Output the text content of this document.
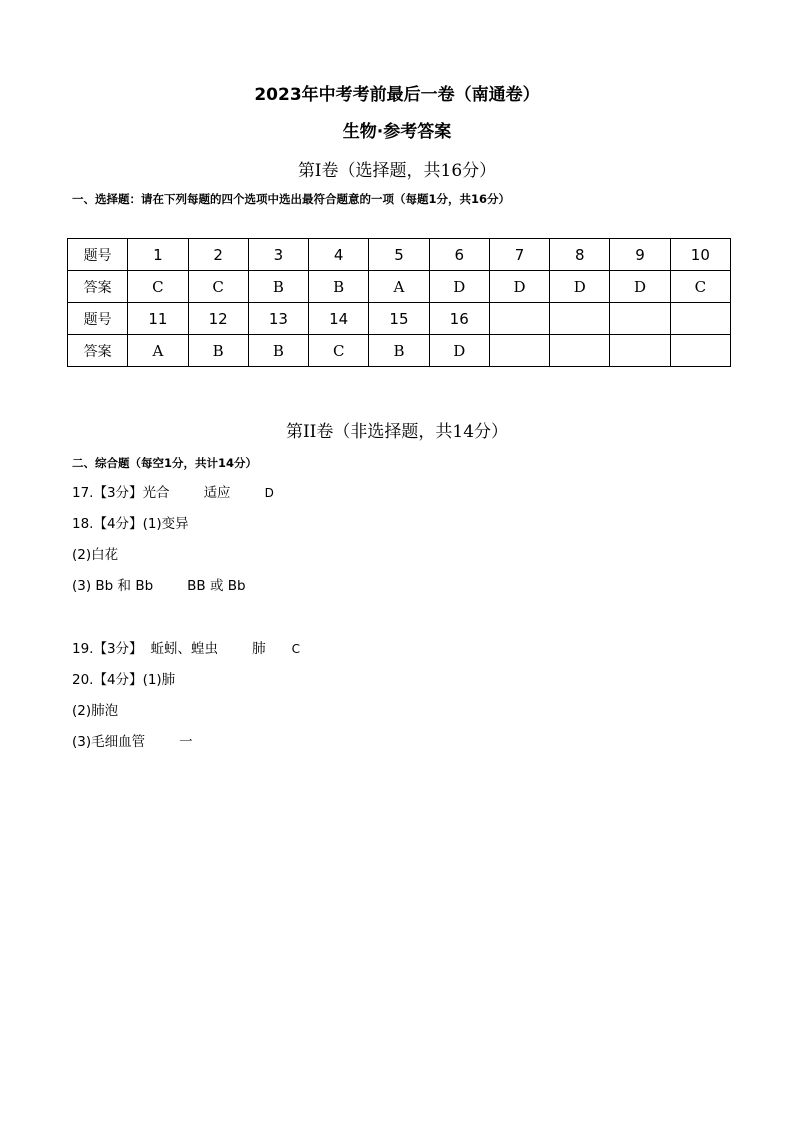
2023年中考考前最后一卷（南通卷）
生物·参考答案
第Ⅰ卷（选择题，共16分）
一、选择题：请在下列每题的四个选项中选出最符合题意的一项（每题1分，共16分）
题号	1	2	3	4	5	6	7	8	9	10
答案	C	C	B	B	A	D	D	D	D	C
题号	11	12	13	14	15	16				
答案	A	B	B	C	B	D				
第II卷（非选择题，共14分）
二、综合题（每空1分，共计14分）
17.【3分】光合	适应	D
18.【4分】(1)变异
(2)白花
(3) Bb 和 Bb	BB 或 Bb
19.【3分】 蚯蚓、蝗虫	肺 C
20.【4分】(1)肺
(2)肺泡
(3)毛细血管	一
